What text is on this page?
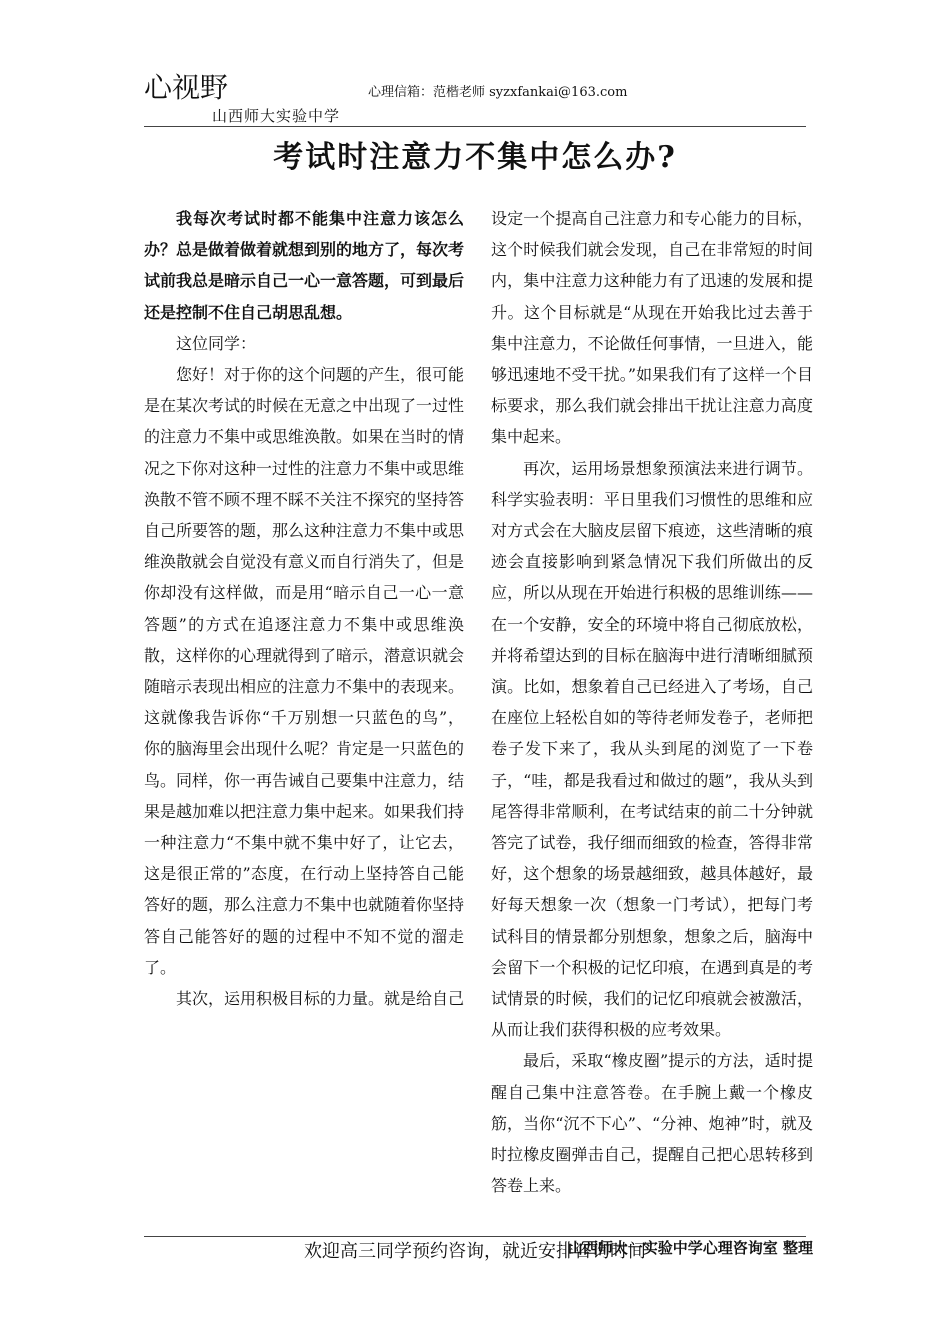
心视野	心理信箱：范楷老师 syzxfankai@163.com
山西师大实验中学
考试时注意力不集中怎么办?

我每次考试时都不能集中注意力该怎么办？总是做着做着就想到别的地方了，每次考试前我总是暗示自己一心一意答题，可到最后还是控制不住自己胡思乱想。

这位同学：

您好！对于你的这个问题的产生，很可能是在某次考试的时候在无意之中出现了一过性的注意力不集中或思维涣散。如果在当时的情况之下你对这种一过性的注意力不集中或思维涣散不管不顾不理不睬不关注不探究的坚持答自己所要答的题，那么这种注意力不集中或思维涣散就会自觉没有意义而自行消失了，但是你却没有这样做，而是用“暗示自己一心一意答题”的方式在追逐注意力不集中或思维涣散，这样你的心理就得到了暗示，潜意识就会随暗示表现出相应的注意力不集中的表现来。这就像我告诉你“千万别想一只蓝色的鸟”，你的脑海里会出现什么呢？肯定是一只蓝色的鸟。同样，你一再告诫自己要集中注意力，结果是越加难以把注意力集中起来。如果我们持一种注意力“不集中就不集中好了，让它去，这是很正常的”态度，在行动上坚持答自己能答好的题，那么注意力不集中也就随着你坚持答自己能答好的题的过程中不知不觉的溜走了。

其次，运用积极目标的力量。就是给自己

设定一个提高自己注意力和专心能力的目标，这个时候我们就会发现，自己在非常短的时间内，集中注意力这种能力有了迅速的发展和提升。这个目标就是“从现在开始我比过去善于集中注意力，不论做任何事情，一旦进入，能够迅速地不受干扰。”如果我们有了这样一个目标要求，那么我们就会排出干扰让注意力高度集中起来。

再次，运用场景想象预演法来进行调节。科学实验表明：平日里我们习惯性的思维和应对方式会在大脑皮层留下痕迹，这些清晰的痕迹会直接影响到紧急情况下我们所做出的反应，所以从现在开始进行积极的思维训练——在一个安静，安全的环境中将自己彻底放松，并将希望达到的目标在脑海中进行清晰细腻预演。比如，想象着自己已经进入了考场，自己在座位上轻松自如的等待老师发卷子，老师把卷子发下来了，我从头到尾的浏览了一下卷子，“哇，都是我看过和做过的题”，我从头到尾答得非常顺利，在考试结束的前二十分钟就答完了试卷，我仔细而细致的检查，答得非常好，这个想象的场景越细致，越具体越好，最好每天想象一次（想象一门考试），把每门考试科目的情景都分别想象，想象之后，脑海中会留下一个积极的记忆印痕，在遇到真是的考试情景的时候，我们的记忆印痕就会被激活，从而让我们获得积极的应考效果。

最后，采取“橡皮圈”提示的方法，适时提醒自己集中注意答卷。在手腕上戴一个橡皮筋，当你“沉不下心”、“分神、炮神”时，就及时拉橡皮圈弹击自己，提醒自己把心思转移到答卷上来。

山西师大一实验中学心理咨询室 整理

欢迎高三同学预约咨询，就近安排咨询时间
